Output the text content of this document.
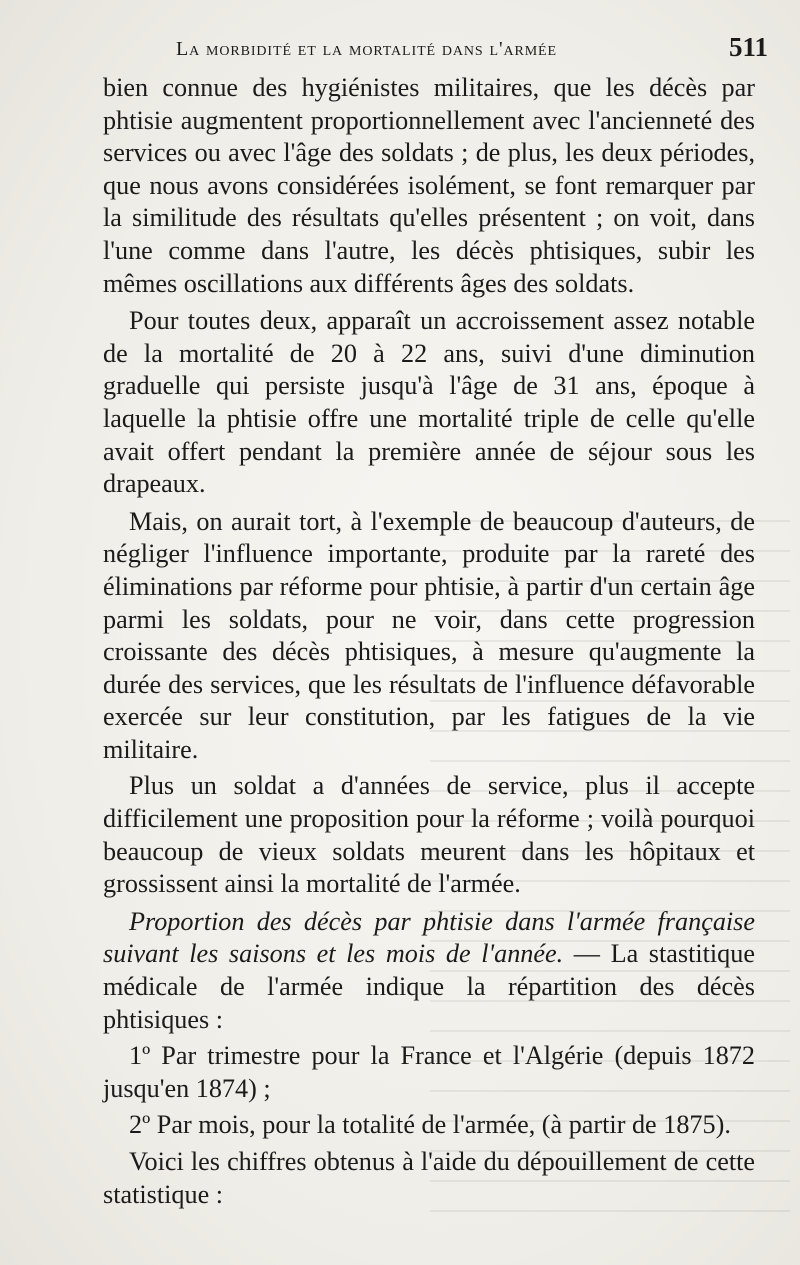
La morbidité et la mortalité dans l'armée	511

bien connue des hygiénistes militaires, que les décès par phtisie augmentent proportionnellement avec l'ancienneté des services ou avec l'âge des soldats ; de plus, les deux périodes, que nous avons considérées isolément, se font remarquer par la similitude des résultats qu'elles présentent ; on voit, dans l'une comme dans l'autre, les décès phtisiques, subir les mêmes oscillations aux différents âges des soldats.

Pour toutes deux, apparaît un accroissement assez notable de la mortalité de 20 à 22 ans, suivi d'une diminution graduelle qui persiste jusqu'à l'âge de 31 ans, époque à laquelle la phtisie offre une mortalité triple de celle qu'elle avait offert pendant la première année de séjour sous les drapeaux.

Mais, on aurait tort, à l'exemple de beaucoup d'auteurs, de négliger l'influence importante, produite par la rareté des éliminations par réforme pour phtisie, à partir d'un certain âge parmi les soldats, pour ne voir, dans cette progression croissante des décès phtisiques, à mesure qu'augmente la durée des services, que les résultats de l'influence défavorable exercée sur leur constitution, par les fatigues de la vie militaire.

Plus un soldat a d'années de service, plus il accepte difficilement une proposition pour la réforme ; voilà pourquoi beaucoup de vieux soldats meurent dans les hôpitaux et grossissent ainsi la mortalité de l'armée.

Proportion des décès par phtisie dans l'armée française suivant les saisons et les mois de l'année. — La stastitique médicale de l'armée indique la répartition des décès phtisiques :

1º Par trimestre pour la France et l'Algérie (depuis 1872 jusqu'en 1874) ;

2º Par mois, pour la totalité de l'armée, (à partir de 1875).

Voici les chiffres obtenus à l'aide du dépouillement de cette statistique :
